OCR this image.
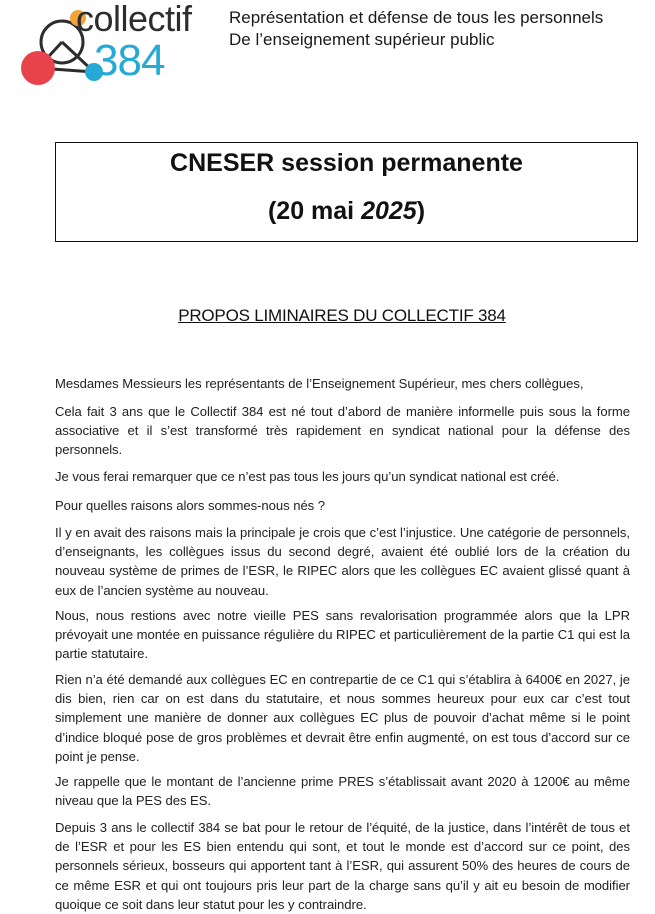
collectif
384
Représentation et défense de tous les personnels
De l’enseignement supérieur public
CNESER session permanente
(20 mai 2025)
PROPOS LIMINAIRES DU COLLECTIF 384
Mesdames Messieurs les représentants de l’Enseignement Supérieur, mes chers collègues,
Cela fait 3 ans que le Collectif 384 est né tout d’abord de manière informelle puis sous la forme associative et il s’est transformé très rapidement en syndicat national pour la défense des personnels.
Je vous ferai remarquer que ce n’est pas tous les jours qu’un syndicat national est créé.
Pour quelles raisons alors sommes-nous nés ?
Il y en avait des raisons mais la principale je crois que c’est l’injustice. Une catégorie de personnels, d’enseignants, les collègues issus du second degré, avaient été oublié lors de la création du nouveau système de primes de l’ESR, le RIPEC alors que les collègues EC avaient glissé quant à eux de l’ancien système au nouveau.
Nous, nous restions avec notre vieille PES sans revalorisation programmée alors que la LPR prévoyait une montée en puissance régulière du RIPEC et particulièrement de la partie C1 qui est la partie statutaire.
Rien n’a été demandé aux collègues EC en contrepartie de ce C1 qui s’établira à 6400€ en 2027, je dis bien, rien car on est dans du statutaire, et nous sommes heureux pour eux car c’est tout simplement une manière de donner aux collègues EC plus de pouvoir d’achat même si le point d’indice bloqué pose de gros problèmes et devrait être enfin augmenté, on est tous d’accord sur ce point je pense.
Je rappelle que le montant de l’ancienne prime PRES s’établissait avant 2020 à 1200€ au même niveau que la PES des ES.
Depuis 3 ans le collectif 384 se bat pour le retour de l’équité, de la justice, dans l’intérêt de tous et de l’ESR et pour les ES bien entendu qui sont, et tout le monde est d’accord sur ce point, des personnels sérieux, bosseurs qui apportent tant à l’ESR, qui assurent 50% des heures de cours de ce même ESR et qui ont toujours pris leur part de la charge sans qu’il y ait eu besoin de modifier quoique ce soit dans leur statut pour les y contraindre.
